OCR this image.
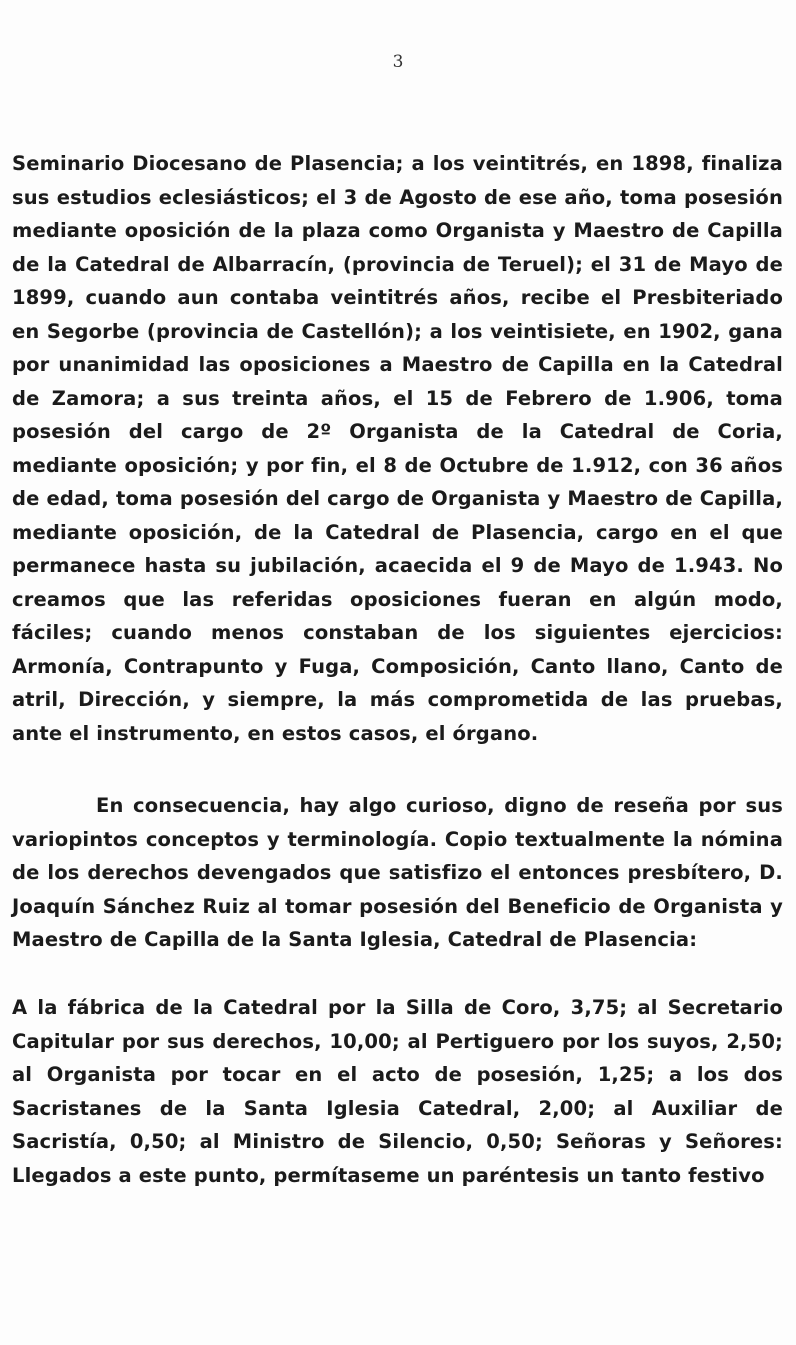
3

Seminario Diocesano de Plasencia; a los veintitrés, en 1898, finaliza sus estudios eclesiásticos; el 3 de Agosto de ese año, toma posesión mediante oposición de la plaza como Organista y Maestro de Capilla de la Catedral de Albarracín, (provincia de Teruel); el 31 de Mayo de 1899, cuando aun contaba veintitrés años, recibe el Presbiteriado en Segorbe (provincia de Castellón); a los veintisiete, en 1902, gana por unanimidad las oposiciones a Maestro de Capilla en la Catedral de Zamora; a sus treinta años, el 15 de Febrero de 1.906, toma posesión del cargo de 2º Organista de la Catedral de Coria, mediante oposición; y por fin, el 8 de Octubre de 1.912, con 36 años de edad, toma posesión del cargo de Organista y Maestro de Capilla, mediante oposición, de la Catedral de Plasencia, cargo en el que permanece hasta su jubilación, acaecida el 9 de Mayo de 1.943. No creamos que las referidas oposiciones fueran en algún modo, fáciles; cuando menos constaban de los siguientes ejercicios: Armonía, Contrapunto y Fuga, Composición, Canto llano, Canto de atril, Dirección, y siempre, la más comprometida de las pruebas, ante el instrumento, en estos casos, el órgano.

En consecuencia, hay algo curioso, digno de reseña por sus variopintos conceptos y terminología. Copio textualmente la nómina de los derechos devengados que satisfizo el entonces presbítero, D. Joaquín Sánchez Ruiz al tomar posesión del Beneficio de Organista y Maestro de Capilla de la Santa Iglesia, Catedral de Plasencia:

A la fábrica de la Catedral por la Silla de Coro, 3,75; al Secretario Capitular por sus derechos, 10,00; al Pertiguero por los suyos, 2,50; al Organista por tocar en el acto de posesión, 1,25; a los dos Sacristanes de la Santa Iglesia Catedral, 2,00; al Auxiliar de Sacristía, 0,50; al Ministro de Silencio, 0,50; Señoras y Señores: Llegados a este punto, permítaseme un paréntesis un tanto festivo
